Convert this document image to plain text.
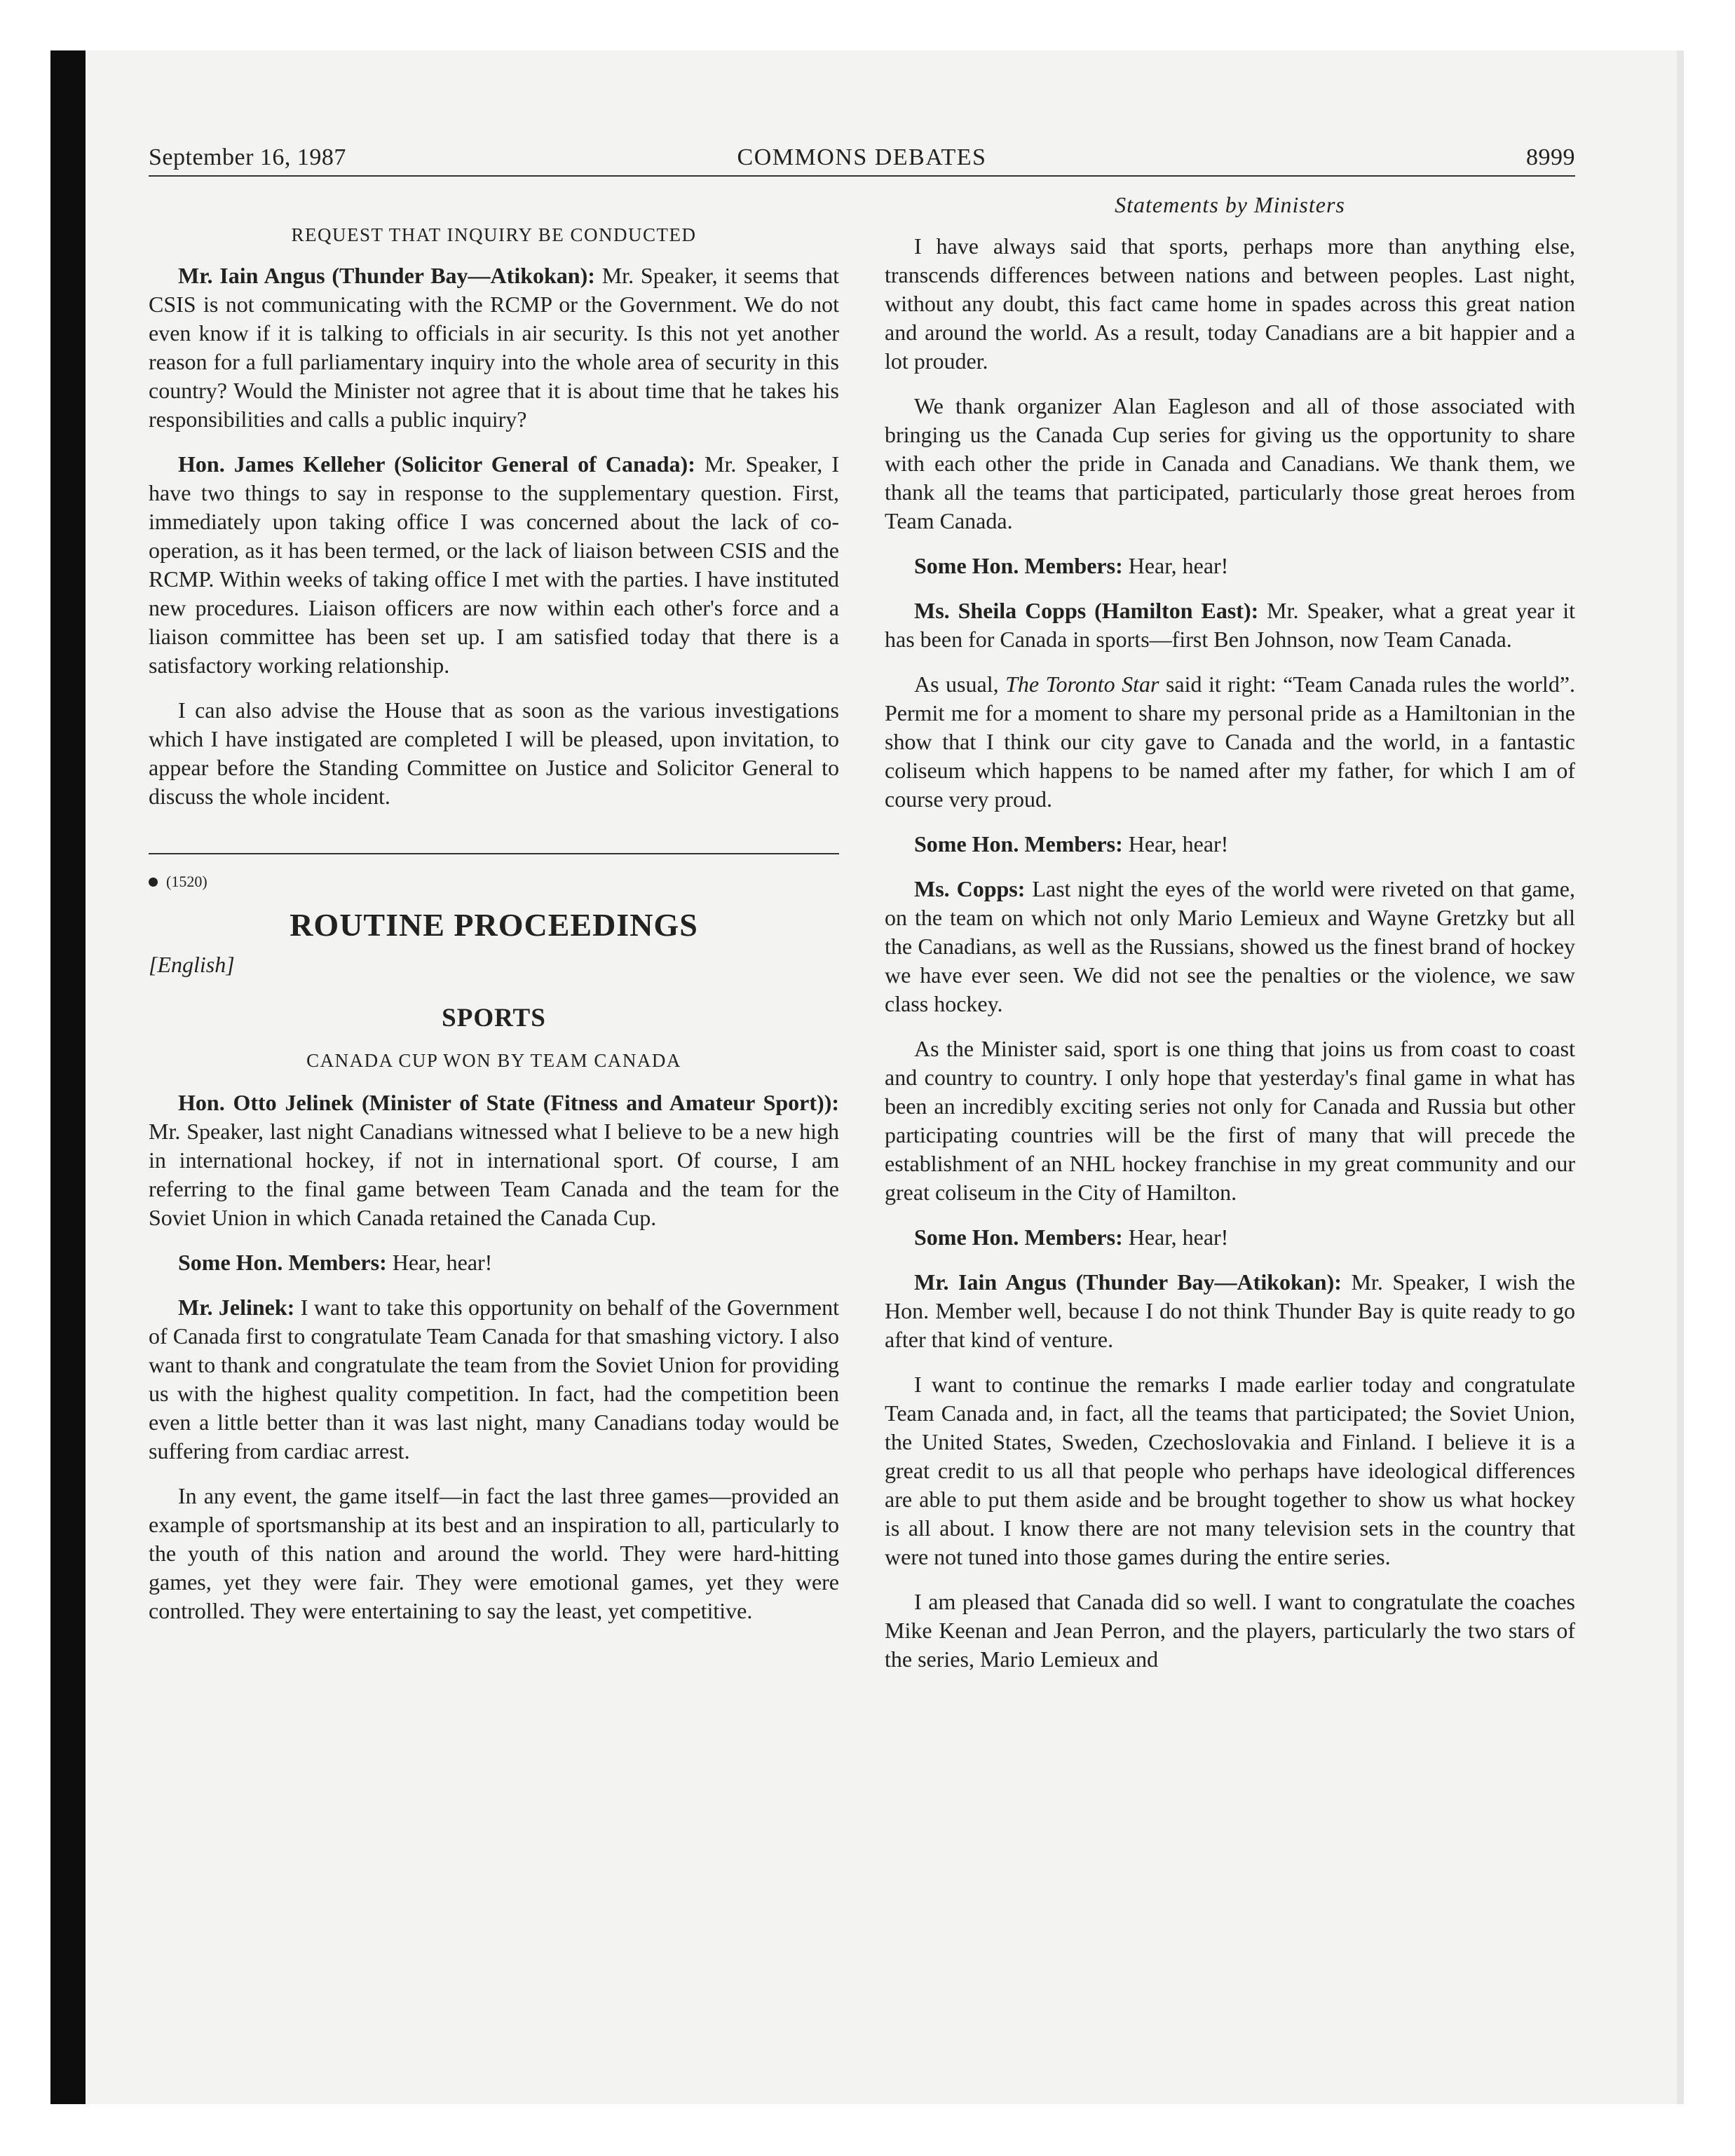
COMMONS DEBATES
September 16, 1987	8999
REQUEST THAT INQUIRY BE CONDUCTED

Mr. Iain Angus (Thunder Bay—Atikokan): Mr. Speaker, it seems that CSIS is not communicating with the RCMP or the Government. We do not even know if it is talking to officials in air security. Is this not yet another reason for a full parliamentary inquiry into the whole area of security in this country? Would the Minister not agree that it is about time that he takes his responsibilities and calls a public inquiry?

Hon. James Kelleher (Solicitor General of Canada): Mr. Speaker, I have two things to say in response to the supplementary question. First, immediately upon taking office I was concerned about the lack of co-operation, as it has been termed, or the lack of liaison between CSIS and the RCMP. Within weeks of taking office I met with the parties. I have instituted new procedures. Liaison officers are now within each other's force and a liaison committee has been set up. I am satisfied today that there is a satisfactory working relationship.

I can also advise the House that as soon as the various investigations which I have instigated are completed I will be pleased, upon invitation, to appear before the Standing Committee on Justice and Solicitor General to discuss the whole incident.

(1520)
ROUTINE PROCEEDINGS
[English]
SPORTS
CANADA CUP WON BY TEAM CANADA

Hon. Otto Jelinek (Minister of State (Fitness and Amateur Sport)): Mr. Speaker, last night Canadians witnessed what I believe to be a new high in international hockey, if not in international sport. Of course, I am referring to the final game between Team Canada and the team for the Soviet Union in which Canada retained the Canada Cup.

Some Hon. Members: Hear, hear!

Mr. Jelinek: I want to take this opportunity on behalf of the Government of Canada first to congratulate Team Canada for that smashing victory. I also want to thank and congratulate the team from the Soviet Union for providing us with the highest quality competition. In fact, had the competition been even a little better than it was last night, many Canadians today would be suffering from cardiac arrest.

In any event, the game itself—in fact the last three games—provided an example of sportsmanship at its best and an inspiration to all, particularly to the youth of this nation and around the world. They were hard-hitting games, yet they were fair. They were emotional games, yet they were controlled. They were entertaining to say the least, yet competitive.

Statements by Ministers

I have always said that sports, perhaps more than anything else, transcends differences between nations and between peoples. Last night, without any doubt, this fact came home in spades across this great nation and around the world. As a result, today Canadians are a bit happier and a lot prouder.

We thank organizer Alan Eagleson and all of those associated with bringing us the Canada Cup series for giving us the opportunity to share with each other the pride in Canada and Canadians. We thank them, we thank all the teams that participated, particularly those great heroes from Team Canada.

Some Hon. Members: Hear, hear!

Ms. Sheila Copps (Hamilton East): Mr. Speaker, what a great year it has been for Canada in sports—first Ben Johnson, now Team Canada.

As usual, The Toronto Star said it right: “Team Canada rules the world”. Permit me for a moment to share my personal pride as a Hamiltonian in the show that I think our city gave to Canada and the world, in a fantastic coliseum which happens to be named after my father, for which I am of course very proud.

Some Hon. Members: Hear, hear!

Ms. Copps: Last night the eyes of the world were riveted on that game, on the team on which not only Mario Lemieux and Wayne Gretzky but all the Canadians, as well as the Russians, showed us the finest brand of hockey we have ever seen. We did not see the penalties or the violence, we saw class hockey.

As the Minister said, sport is one thing that joins us from coast to coast and country to country. I only hope that yesterday's final game in what has been an incredibly exciting series not only for Canada and Russia but other participating countries will be the first of many that will precede the establishment of an NHL hockey franchise in my great community and our great coliseum in the City of Hamilton.

Some Hon. Members: Hear, hear!

Mr. Iain Angus (Thunder Bay—Atikokan): Mr. Speaker, I wish the Hon. Member well, because I do not think Thunder Bay is quite ready to go after that kind of venture.

I want to continue the remarks I made earlier today and congratulate Team Canada and, in fact, all the teams that participated; the Soviet Union, the United States, Sweden, Czechoslovakia and Finland. I believe it is a great credit to us all that people who perhaps have ideological differences are able to put them aside and be brought together to show us what hockey is all about. I know there are not many television sets in the country that were not tuned into those games during the entire series.

I am pleased that Canada did so well. I want to congratulate the coaches Mike Keenan and Jean Perron, and the players, particularly the two stars of the series, Mario Lemieux and
